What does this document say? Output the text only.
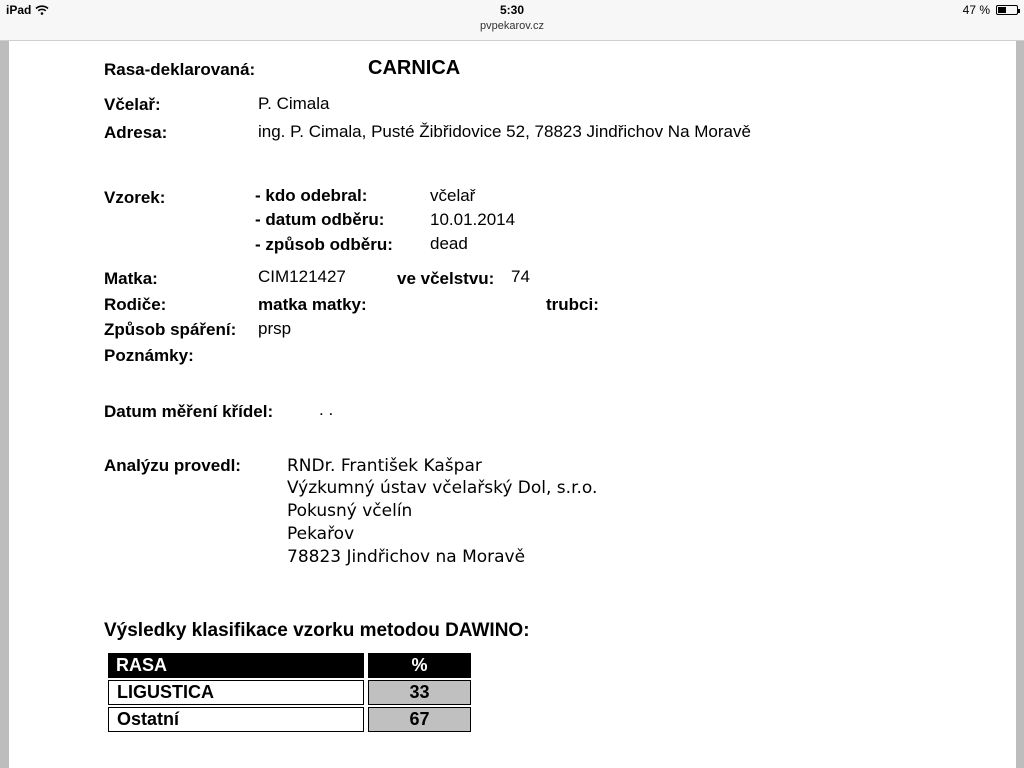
iPad	5:30
pvpekarov.cz
47 %
Rasa-deklarovaná:	CARNICA
Včelař:	P. Cimala
Adresa:	ing. P. Cimala, Pusté Žibřidovice 52, 78823 Jindřichov Na Moravě
Vzorek:	- kdo odebral:	včelař
- datum odběru:	10.01.2014
- způsob odběru: dead
Matka:	CIM121427	ve včelstvu: 74
Rodiče:	matka matky:	trubci:
Způsob spáření: prsp
Poznámky:
Datum měření křídel:	. .
Analýzu provedl:	RNDr. František Kašpar
Výzkumný ústav včelařský Dol, s.r.o.
Pokusný včelín
Pekařov
78823 Jindřichov na Moravě
Výsledky klasifikace vzorku metodou DAWINO:
RASA	%
LIGUSTICA	33
Ostatní	67
